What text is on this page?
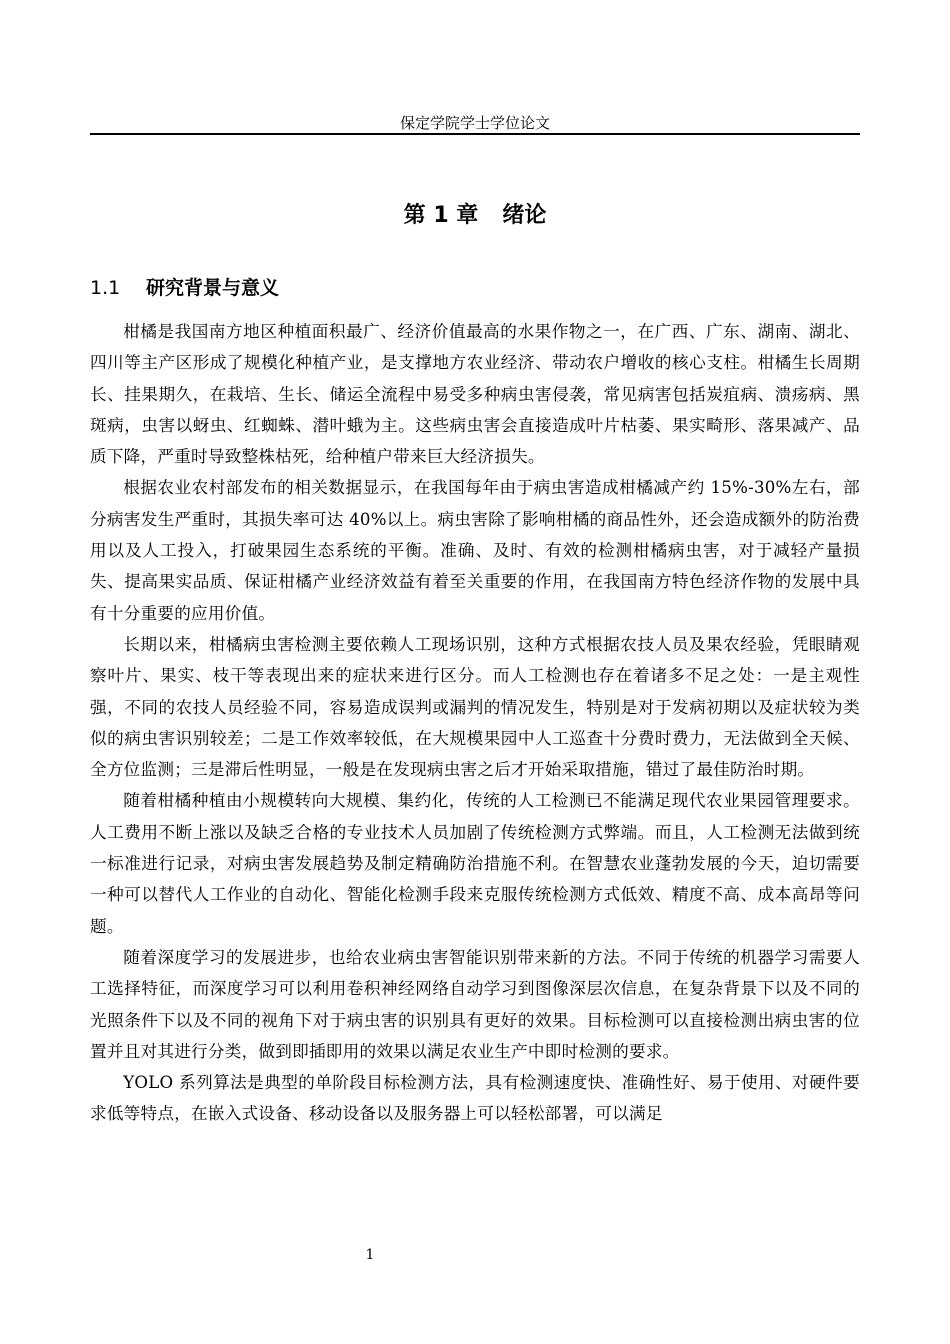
保定学院学士学位论文
第 1 章 绪论
1.1 研究背景与意义

柑橘是我国南方地区种植面积最广、经济价值最高的水果作物之一，在广西、广东、湖南、湖北、四川等主产区形成了规模化种植产业，是支撑地方农业经济、带动农户增收的核心支柱。柑橘生长周期长、挂果期久，在栽培、生长、储运全流程中易受多种病虫害侵袭，常见病害包括炭疽病、溃疡病、黑斑病，虫害以蚜虫、红蜘蛛、潜叶蛾为主。这些病虫害会直接造成叶片枯萎、果实畸形、落果减产、品质下降，严重时导致整株枯死，给种植户带来巨大经济损失。

根据农业农村部发布的相关数据显示，在我国每年由于病虫害造成柑橘减产约 15%-30%左右，部分病害发生严重时，其损失率可达 40%以上。病虫害除了影响柑橘的商品性外，还会造成额外的防治费用以及人工投入，打破果园生态系统的平衡。准确、及时、有效的检测柑橘病虫害，对于减轻产量损失、提高果实品质、保证柑橘产业经济效益有着至关重要的作用，在我国南方特色经济作物的发展中具有十分重要的应用价值。

长期以来，柑橘病虫害检测主要依赖人工现场识别，这种方式根据农技人员及果农经验，凭眼睛观察叶片、果实、枝干等表现出来的症状来进行区分。而人工检测也存在着诸多不足之处：一是主观性强，不同的农技人员经验不同，容易造成误判或漏判的情况发生，特别是对于发病初期以及症状较为类似的病虫害识别较差；二是工作效率较低，在大规模果园中人工巡查十分费时费力，无法做到全天候、全方位监测；三是滞后性明显，一般是在发现病虫害之后才开始采取措施，错过了最佳防治时期。

随着柑橘种植由小规模转向大规模、集约化，传统的人工检测已不能满足现代农业果园管理要求。人工费用不断上涨以及缺乏合格的专业技术人员加剧了传统检测方式弊端。而且，人工检测无法做到统一标准进行记录，对病虫害发展趋势及制定精确防治措施不利。在智慧农业蓬勃发展的今天，迫切需要一种可以替代人工作业的自动化、智能化检测手段来克服传统检测方式低效、精度不高、成本高昂等问题。

随着深度学习的发展进步，也给农业病虫害智能识别带来新的方法。不同于传统的机器学习需要人工选择特征，而深度学习可以利用卷积神经网络自动学习到图像深层次信息，在复杂背景下以及不同的光照条件下以及不同的视角下对于病虫害的识别具有更好的效果。目标检测可以直接检测出病虫害的位置并且对其进行分类，做到即插即用的效果以满足农业生产中即时检测的要求。

YOLO 系列算法是典型的单阶段目标检测方法，具有检测速度快、准确性好、易于使用、对硬件要求低等特点，在嵌入式设备、移动设备以及服务器上可以轻松部署，可以满足

1
